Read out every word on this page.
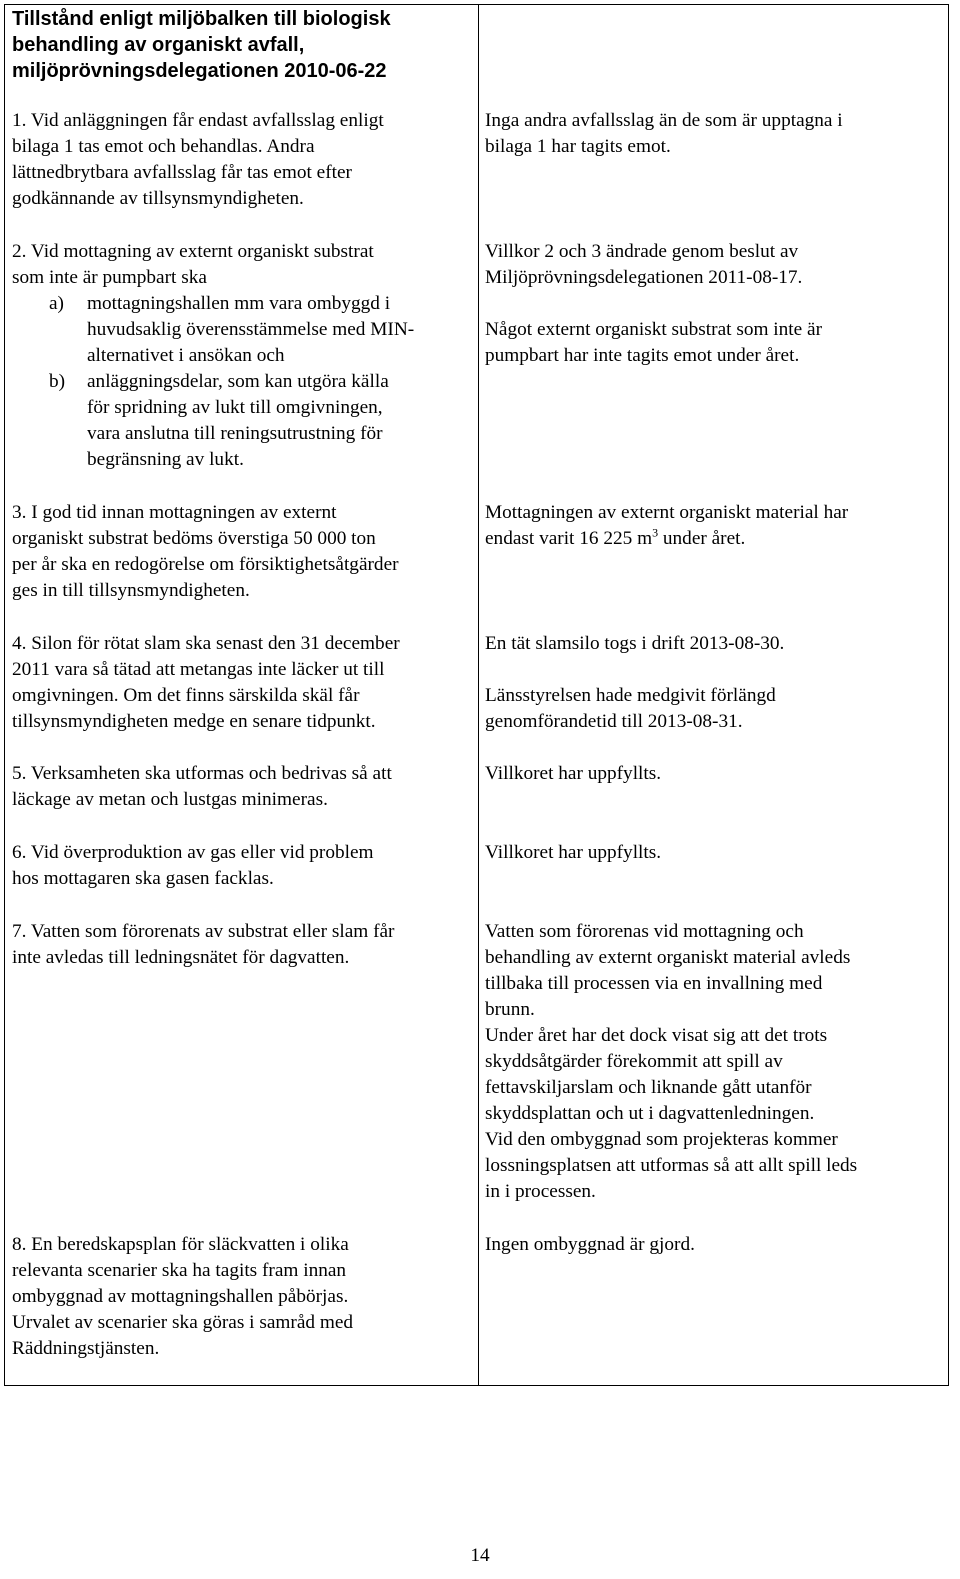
Tillstånd enligt miljöbalken till biologisk
behandling av organiskt avfall,
miljöprövningsdelegationen 2010-06-22
1. Vid anläggningen får endast avfallsslag enligt
bilaga 1 tas emot och behandlas. Andra
lättnedbrytbara avfallsslag får tas emot efter
godkännande av tillsynsmyndigheten.
2. Vid mottagning av externt organiskt substrat
som inte är pumpbart ska
a) mottagningshallen mm vara ombyggd i
huvudsaklig överensstämmelse med MIN-
alternativet i ansökan och
b) anläggningsdelar, som kan utgöra källa
för spridning av lukt till omgivningen,
vara anslutna till reningsutrustning för
begränsning av lukt.
3. I god tid innan mottagningen av externt
organiskt substrat bedöms överstiga 50 000 ton
per år ska en redogörelse om försiktighetsåtgärder
ges in till tillsynsmyndigheten.
4. Silon för rötat slam ska senast den 31 december
2011 vara så tätad att metangas inte läcker ut till
omgivningen. Om det finns särskilda skäl får
tillsynsmyndigheten medge en senare tidpunkt.
5. Verksamheten ska utformas och bedrivas så att
läckage av metan och lustgas minimeras.
6. Vid överproduktion av gas eller vid problem
hos mottagaren ska gasen facklas.
7. Vatten som förorenats av substrat eller slam får
inte avledas till ledningsnätet för dagvatten.
8. En beredskapsplan för släckvatten i olika
relevanta scenarier ska ha tagits fram innan
ombyggnad av mottagningshallen påbörjas.
Urvalet av scenarier ska göras i samråd med
Räddningstjänsten.
Inga andra avfallsslag än de som är upptagna i
bilaga 1 har tagits emot.
Villkor 2 och 3 ändrade genom beslut av
Miljöprövningsdelegationen 2011-08-17.
Något externt organiskt substrat som inte är
pumpbart har inte tagits emot under året.
Mottagningen av externt organiskt material har
endast varit 16 225 $m^3$ under året.
En tät slamsilo togs i drift 2013-08-30.
Länsstyrelsen hade medgivit förlängd
genomförandetid till 2013-08-31.
Villkoret har uppfyllts.
Villkoret har uppfyllts.
Vatten som förorenas vid mottagning och
behandling av externt organiskt material avleds
tillbaka till processen via en invallning med
brunn.
Under året har det dock visat sig att det trots
skyddsåtgärder förekommit att spill av
fettavskiljarslam och liknande gått utanför
skyddsplattan och ut i dagvattenledningen.
Vid den ombyggnad som projekteras kommer
lossningsplatsen att utformas så att allt spill leds
in i processen.
Ingen ombyggnad är gjord.
14
